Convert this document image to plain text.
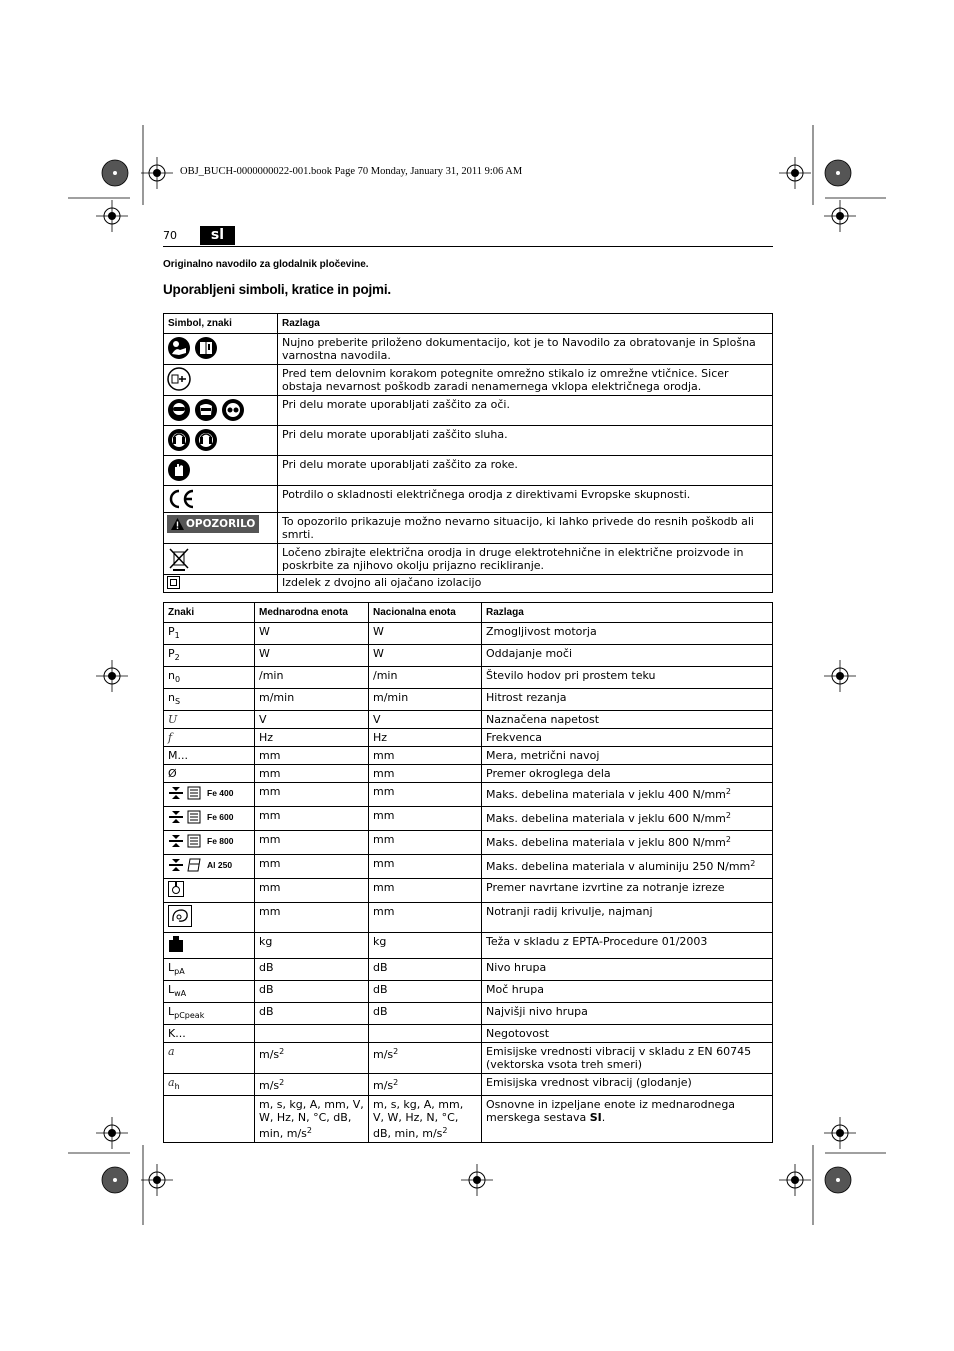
OBJ_BUCH-0000000022-001.book Page 70 Monday, January 31, 2011 9:06 AM
70	sl
Originalno navodilo za glodalnik pločevine.
Uporabljeni simboli, kratice in pojmi.
Simbol, znaki	Razlaga

	Nujno preberite priloženo dokumentacijo, kot je to Navodilo za obratovanje in Splošna varnostna navodila.

	Pred tem delovnim korakom potegnite omrežno stikalo iz omrežne vtičnice. Sicer obstaja nevarnost poškodb zaradi nenamernega vklopa električnega orodja.

	Pri delu morate uporabljati zaščito za oči.

	Pri delu morate uporabljati zaščito sluha.

	Pri delu morate uporabljati zaščito za roke.

	Potrdilo o skladnosti električnega orodja z direktivami Evropske skupnosti.

OPOZORILO	To opozorilo prikazuje možno nevarno situacijo, ki lahko privede do resnih poškodb ali smrti.

	Ločeno zbirajte električna orodja in druge elektrotehnične in električne proizvode in poskrbite za njihovo okolju prijazno recikliranje.

	Izdelek z dvojno ali ojačano izolacijo
Znaki	Mednarodna enota	Nacionalna enota	Razlaga
$P_1$	W	W	Zmogljivost motorja
$P_2$	W	W	Oddajanje moči
$n_0$	/min	/min	Število hodov pri prostem teku
$n_S$	m/min	m/min	Hitrost rezanja
U	V	V	Naznačena napetost
f	Hz	Hz	Frekvenca
M...	mm	mm	Mera, metrični navoj
Ø	mm	mm	Premer okroglega dela

Fe 400	mm	mm	Maks. debelina materiala v jeklu 400 $N/mm^2$

Fe 600	mm	mm	Maks. debelina materiala v jeklu 600 $N/mm^2$

Fe 800	mm	mm	Maks. debelina materiala v jeklu 800 $N/mm^2$

Al 250	mm	mm	Maks. debelina materiala v aluminiju 250 $N/mm^2$

	mm	mm	Premer navrtane izvrtine za notranje izreze

	mm	mm	Notranji radij krivulje, najmanj

	kg	kg	Teža v skladu z EPTA-Procedure 01/2003
$L_{pA}$	dB	dB	Nivo hrupa
$L_{wA}$	dB	dB	Moč hrupa
$L_{pCpeak}$	dB	dB	Najvišji nivo hrupa
K...			Negotovost
a	$m/s^2$	$m/s^2$	Emisijske vrednosti vibracij v skladu z EN 60745 (vektorska vsota treh smeri)
$a_h$	$m/s^2$	$m/s^2$	Emisijska vrednost vibracij (glodanje)
	m, s, kg, A, mm, V, W, Hz, N, °C, dB, min, $m/s^2$	m, s, kg, A, mm, V, W, Hz, N, °C, dB, min, $m/s^2$	Osnovne in izpeljane enote iz mednarodnega merskega sestava SI.
